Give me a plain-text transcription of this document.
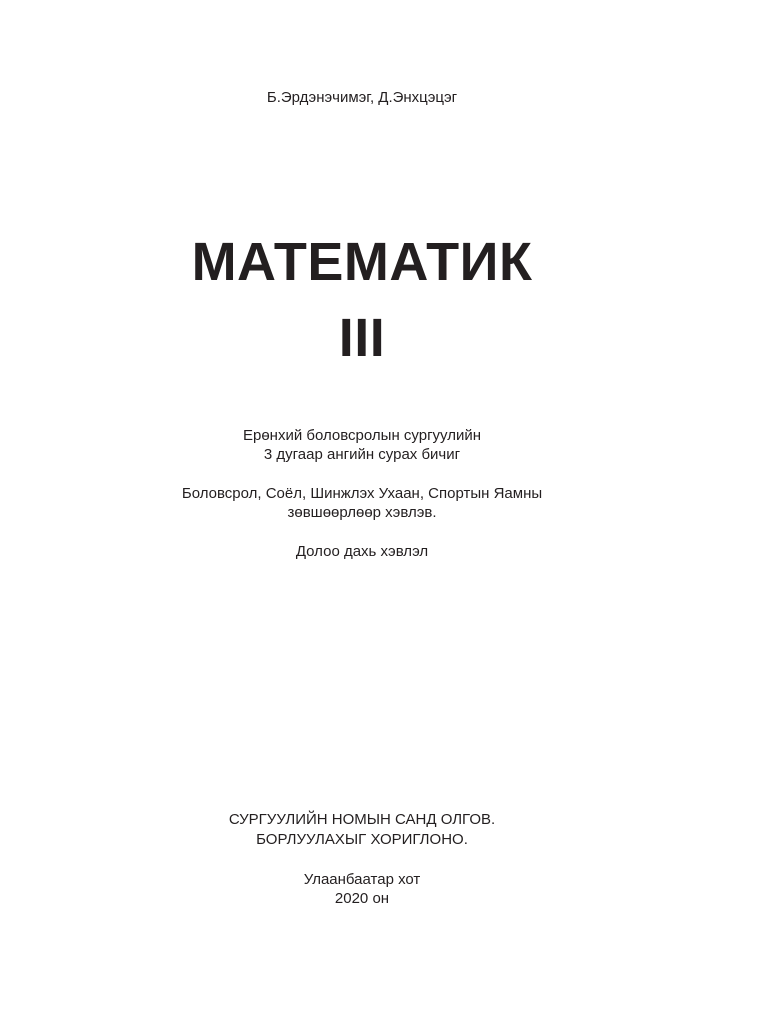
Б.Эрдэнэчимэг, Д.Энхцэцэг
МАТЕМАТИК
III
Ерөнхий боловсролын сургуулийн
3 дугаар ангийн сурах бичиг
Боловсрол, Соёл, Шинжлэх Ухаан, Спортын Яамны
зөвшөөрлөөр хэвлэв.
Долоо дахь хэвлэл
СУРГУУЛИЙН НОМЫН САНД ОЛГОВ.
БОРЛУУЛАХЫГ ХОРИГЛОНО.
Улаанбаатар хот
2020 он
